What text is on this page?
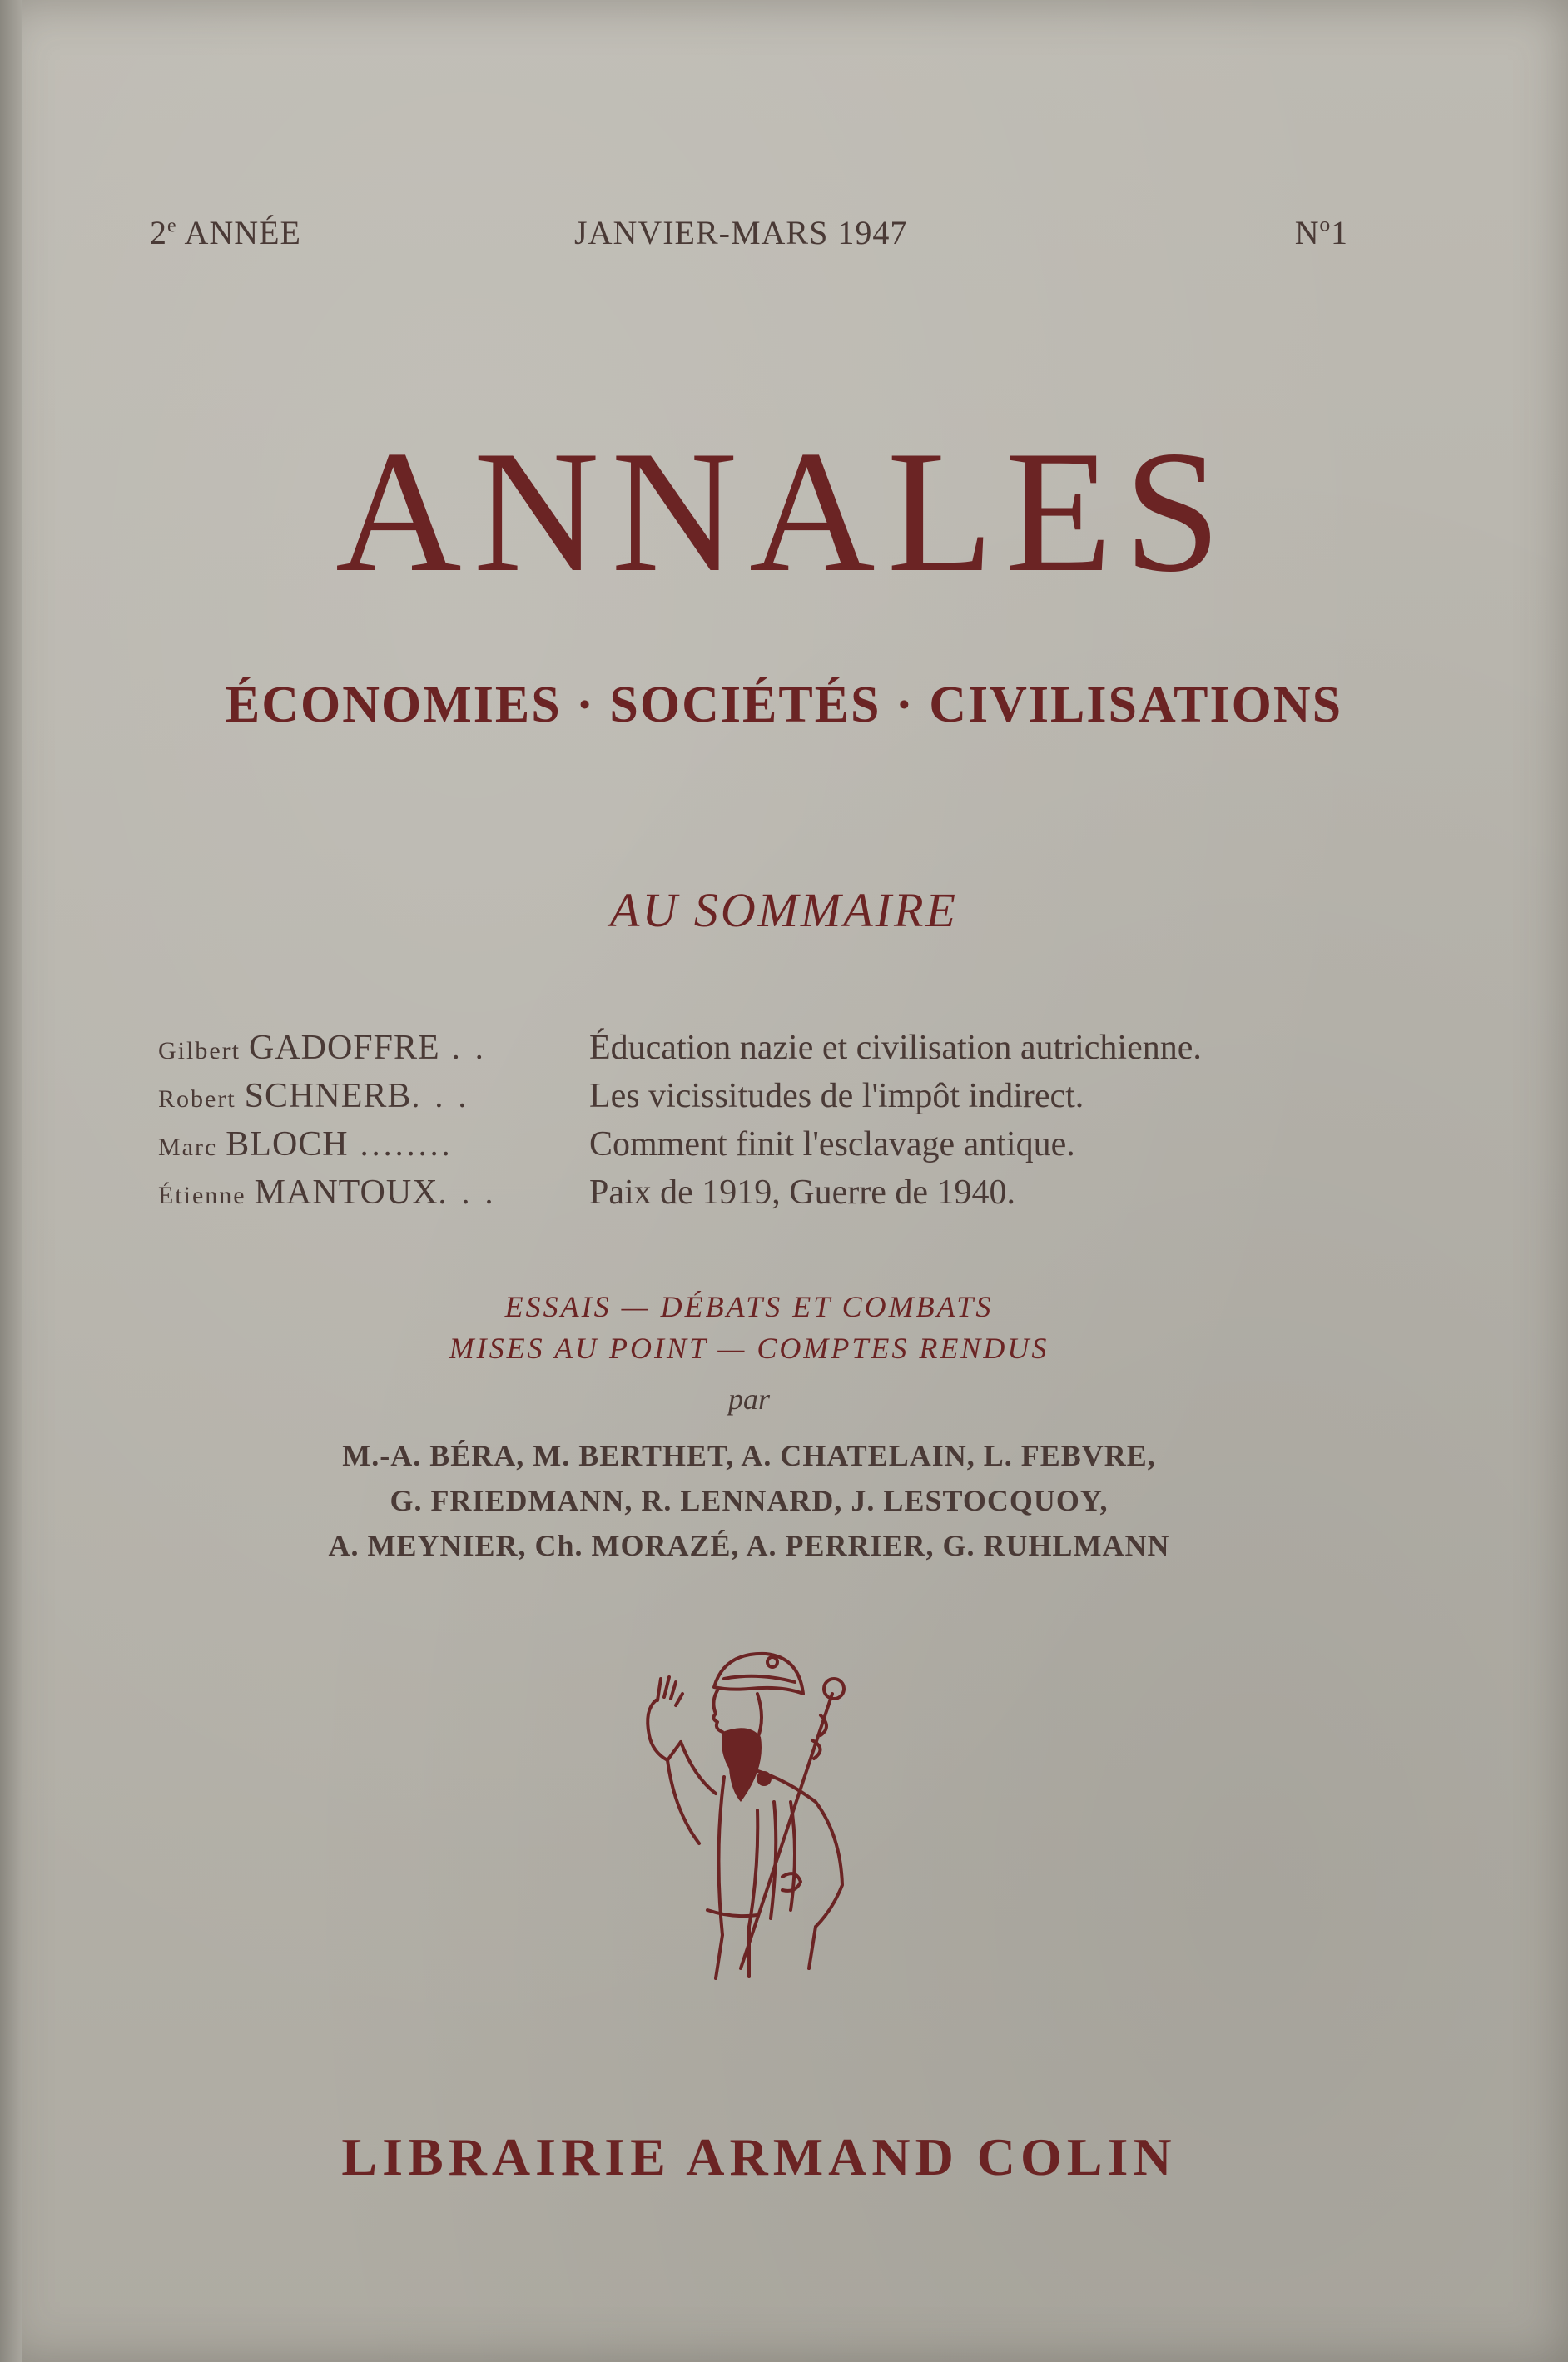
2e ANNÉE	JANVIER-MARS 1947	Nº1
ANNALES
ÉCONOMIES · SOCIÉTÉS · CIVILISATIONS
AU SOMMAIRE
Gilbert GADOFFRE . .	Éducation nazie et civilisation autrichienne.
Robert SCHNERB. . .	Les vicissitudes de l'impôt indirect.
Marc BLOCH ........	Comment finit l'esclavage antique.
Étienne MANTOUX. . .	Paix de 1919, Guerre de 1940.
ESSAIS — DÉBATS ET COMBATS
MISES AU POINT — COMPTES RENDUS
par
M.-A. BÉRA, M. BERTHET, A. CHATELAIN, L. FEBVRE,
G. FRIEDMANN, R. LENNARD, J. LESTOCQUOY,
A. MEYNIER, Ch. MORAZÉ, A. PERRIER, G. RUHLMANN
LIBRAIRIE ARMAND COLIN
